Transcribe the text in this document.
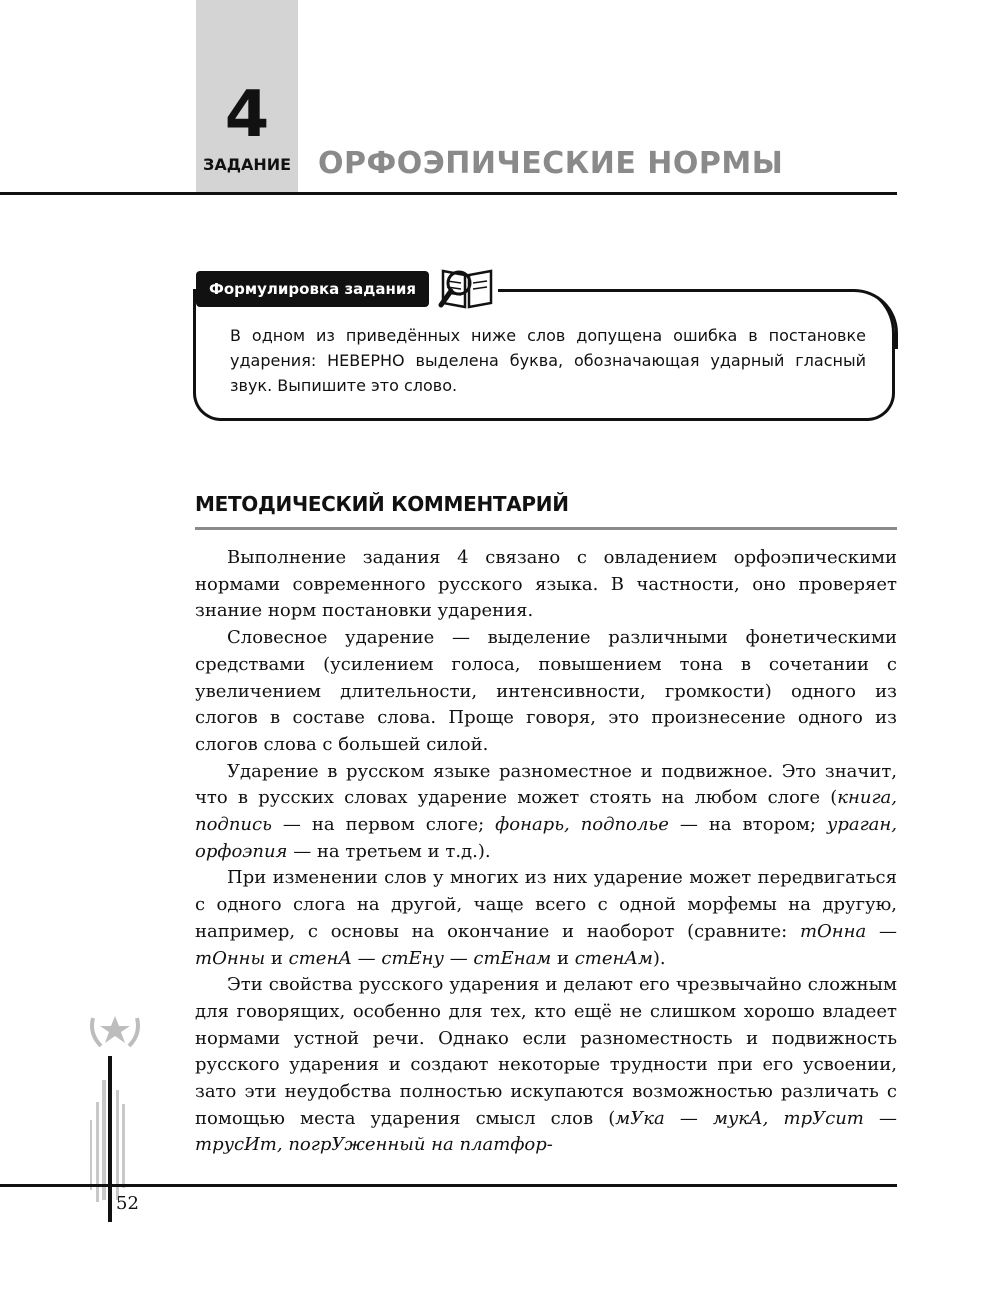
4
ЗАДАНИЕ ОРФОЭПИЧЕСКИЕ НОРМЫ
Формулировка задания
В одном из приведённых ниже слов допущена ошибка в постановке ударения: НЕВЕРНО выделена буква, обозначающая ударный гласный звук. Выпишите это слово.
МЕТОДИЧЕСКИЙ КОММЕНТАРИЙ

Выполнение задания 4 связано с овладением орфоэпическими нормами современного русского языка. В частности, оно проверяет знание норм постановки ударения.

Словесное ударение — выделение различными фонетическими средствами (усилением голоса, повышением тона в сочетании с увеличением длительности, интенсивности, громкости) одного из слогов в составе слова. Проще говоря, это произнесение одного из слогов слова с большей силой.

Ударение в русском языке разноместное и подвижное. Это значит, что в русских словах ударение может стоять на любом слоге (книга, подпись — на первом слоге; фонарь, подполье — на втором; ураган, орфоэпия — на третьем и т.д.).

При изменении слов у многих из них ударение может передвигаться с одного слога на другой, чаще всего с одной морфемы на другую, например, с основы на окончание и наоборот (сравните: тОнна — тОнны и стенА — стЕну — стЕнам и стенАм).

Эти свойства русского ударения и делают его чрезвычайно сложным для говорящих, особенно для тех, кто ещё не слишком хорошо владеет нормами устной речи. Однако если разноместность и подвижность русского ударения и создают некоторые трудности при его усвоении, зато эти неудобства полностью искупаются возможностью различать с помощью места ударения смысл слов (мУка — мукА, трУсит — трусИт, погрУженный на платфор-

52
